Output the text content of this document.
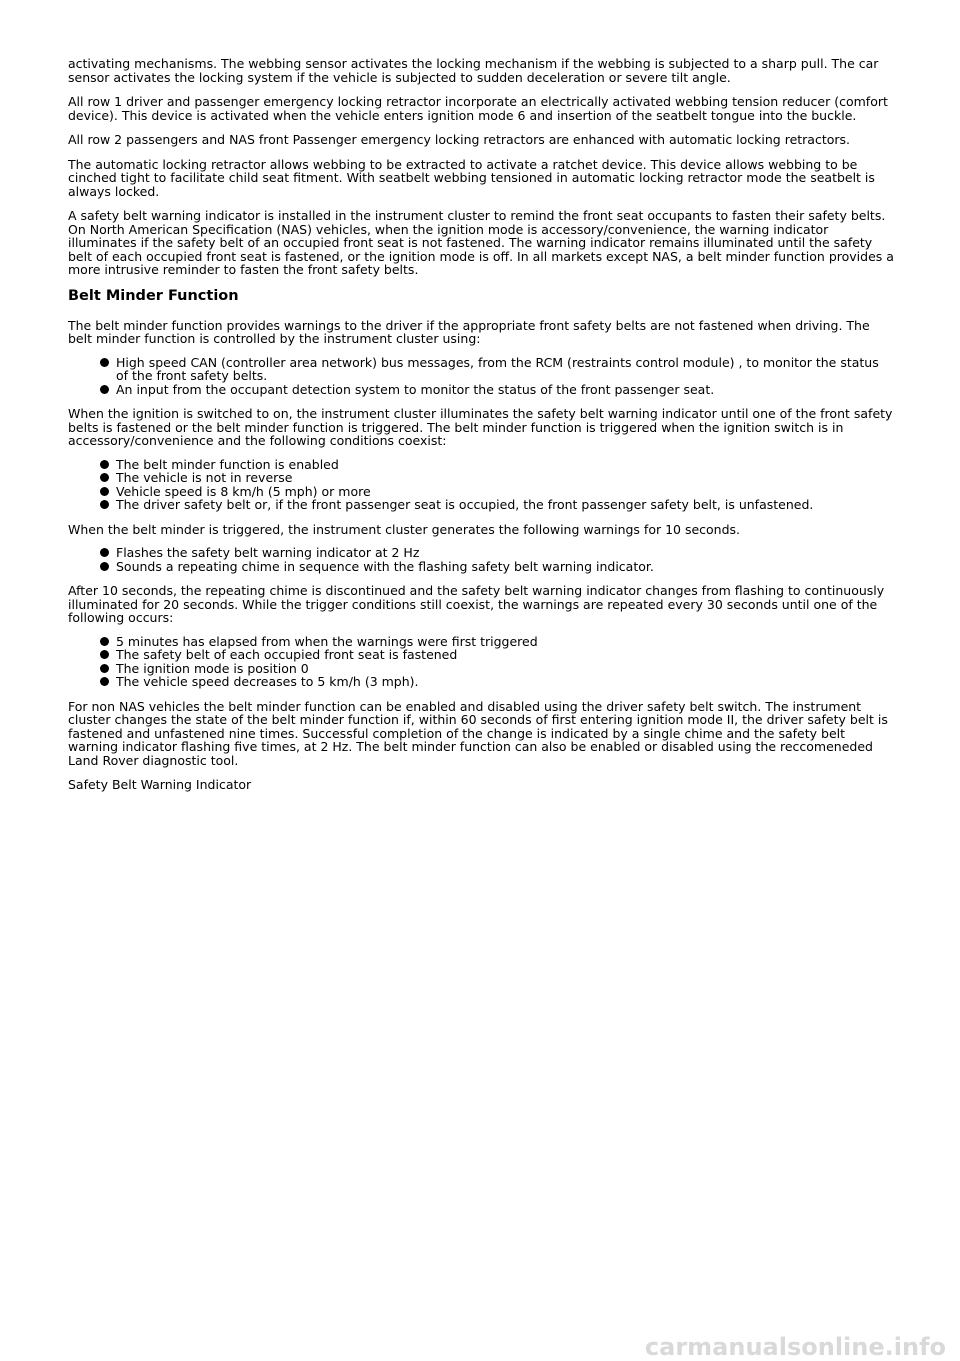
activating mechanisms. The webbing sensor activates the locking mechanism if the webbing is subjected to a sharp pull. The car sensor activates the locking system if the vehicle is subjected to sudden deceleration or severe tilt angle.

All row 1 driver and passenger emergency locking retractor incorporate an electrically activated webbing tension reducer (comfort device). This device is activated when the vehicle enters ignition mode 6 and insertion of the seatbelt tongue into the buckle.

All row 2 passengers and NAS front Passenger emergency locking retractors are enhanced with automatic locking retractors.

The automatic locking retractor allows webbing to be extracted to activate a ratchet device. This device allows webbing to be cinched tight to facilitate child seat fitment. With seatbelt webbing tensioned in automatic locking retractor mode the seatbelt is always locked.

A safety belt warning indicator is installed in the instrument cluster to remind the front seat occupants to fasten their safety belts. On North American Specification (NAS) vehicles, when the ignition mode is accessory/convenience, the warning indicator illuminates if the safety belt of an occupied front seat is not fastened. The warning indicator remains illuminated until the safety belt of each occupied front seat is fastened, or the ignition mode is off. In all markets except NAS, a belt minder function provides a more intrusive reminder to fasten the front safety belts.

Belt Minder Function

The belt minder function provides warnings to the driver if the appropriate front safety belts are not fastened when driving. The belt minder function is controlled by the instrument cluster using:

High speed CAN (controller area network) bus messages, from the RCM (restraints control module) , to monitor the status of the front safety belts.
An input from the occupant detection system to monitor the status of the front passenger seat.

When the ignition is switched to on, the instrument cluster illuminates the safety belt warning indicator until one of the front safety belts is fastened or the belt minder function is triggered. The belt minder function is triggered when the ignition switch is in accessory/convenience and the following conditions coexist:

The belt minder function is enabled
The vehicle is not in reverse
Vehicle speed is 8 km/h (5 mph) or more
The driver safety belt or, if the front passenger seat is occupied, the front passenger safety belt, is unfastened.

When the belt minder is triggered, the instrument cluster generates the following warnings for 10 seconds.

Flashes the safety belt warning indicator at 2 Hz
Sounds a repeating chime in sequence with the flashing safety belt warning indicator.

After 10 seconds, the repeating chime is discontinued and the safety belt warning indicator changes from flashing to continuously illuminated for 20 seconds. While the trigger conditions still coexist, the warnings are repeated every 30 seconds until one of the following occurs:

5 minutes has elapsed from when the warnings were first triggered
The safety belt of each occupied front seat is fastened
The ignition mode is position 0
The vehicle speed decreases to 5 km/h (3 mph).

For non NAS vehicles the belt minder function can be enabled and disabled using the driver safety belt switch. The instrument cluster changes the state of the belt minder function if, within 60 seconds of first entering ignition mode II, the driver safety belt is fastened and unfastened nine times. Successful completion of the change is indicated by a single chime and the safety belt warning indicator flashing five times, at 2 Hz. The belt minder function can also be enabled or disabled using the reccomeneded Land Rover diagnostic tool.

Safety Belt Warning Indicator

carmanualsonline.info
